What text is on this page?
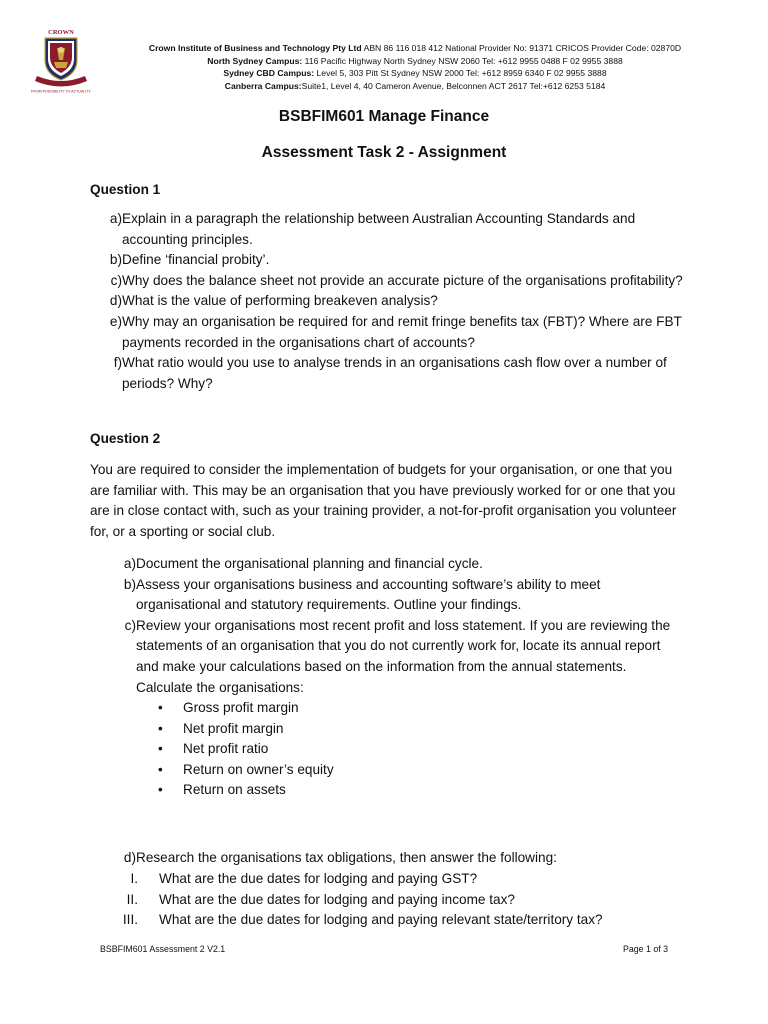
CROWN
FROM POSSIBILITY TO ACTUALITY
Crown Institute of Business and Technology Pty Ltd ABN 86 116 018 412 National Provider No: 91371 CRICOS Provider Code: 02870D
North Sydney Campus: 116 Pacific Highway North Sydney NSW 2060 Tel: +612 9955 0488 F 02 9955 3888
Sydney CBD Campus: Level 5, 303 Pitt St Sydney NSW 2000 Tel: +612 8959 6340 F 02 9955 3888
Canberra Campus:Suite1, Level 4, 40 Cameron Avenue, Belconnen ACT 2617 Tel:+612 6253 5184
BSBFIM601 Manage Finance
Assessment Task 2 - Assignment
Question 1
a) Explain in a paragraph the relationship between Australian Accounting Standards and accounting principles.
b) Define ‘financial probity’.
c) Why does the balance sheet not provide an accurate picture of the organisations profitability?
d) What is the value of performing breakeven analysis?
e) Why may an organisation be required for and remit fringe benefits tax (FBT)? Where are FBT payments recorded in the organisations chart of accounts?
f) What ratio would you use to analyse trends in an organisations cash flow over a number of periods? Why?
Question 2

You are required to consider the implementation of budgets for your organisation, or one that you are familiar with. This may be an organisation that you have previously worked for or one that you are in close contact with, such as your training provider, a not-for-profit organisation you volunteer for, or a sporting or social club.

a) Document the organisational planning and financial cycle.
b) Assess your organisations business and accounting software’s ability to meet organisational and statutory requirements. Outline your findings.
c) Review your organisations most recent profit and loss statement. If you are reviewing the statements of an organisation that you do not currently work for, locate its annual report and make your calculations based on the information from the annual statements. Calculate the organisations:
• Gross profit margin
• Net profit margin
• Net profit ratio
• Return on owner’s equity
• Return on assets
d) Research the organisations tax obligations, then answer the following:
I. What are the due dates for lodging and paying GST?
II. What are the due dates for lodging and paying income tax?
III. What are the due dates for lodging and paying relevant state/territory tax?
BSBFIM601 Assessment 2 V2.1	Page 1 of 3
